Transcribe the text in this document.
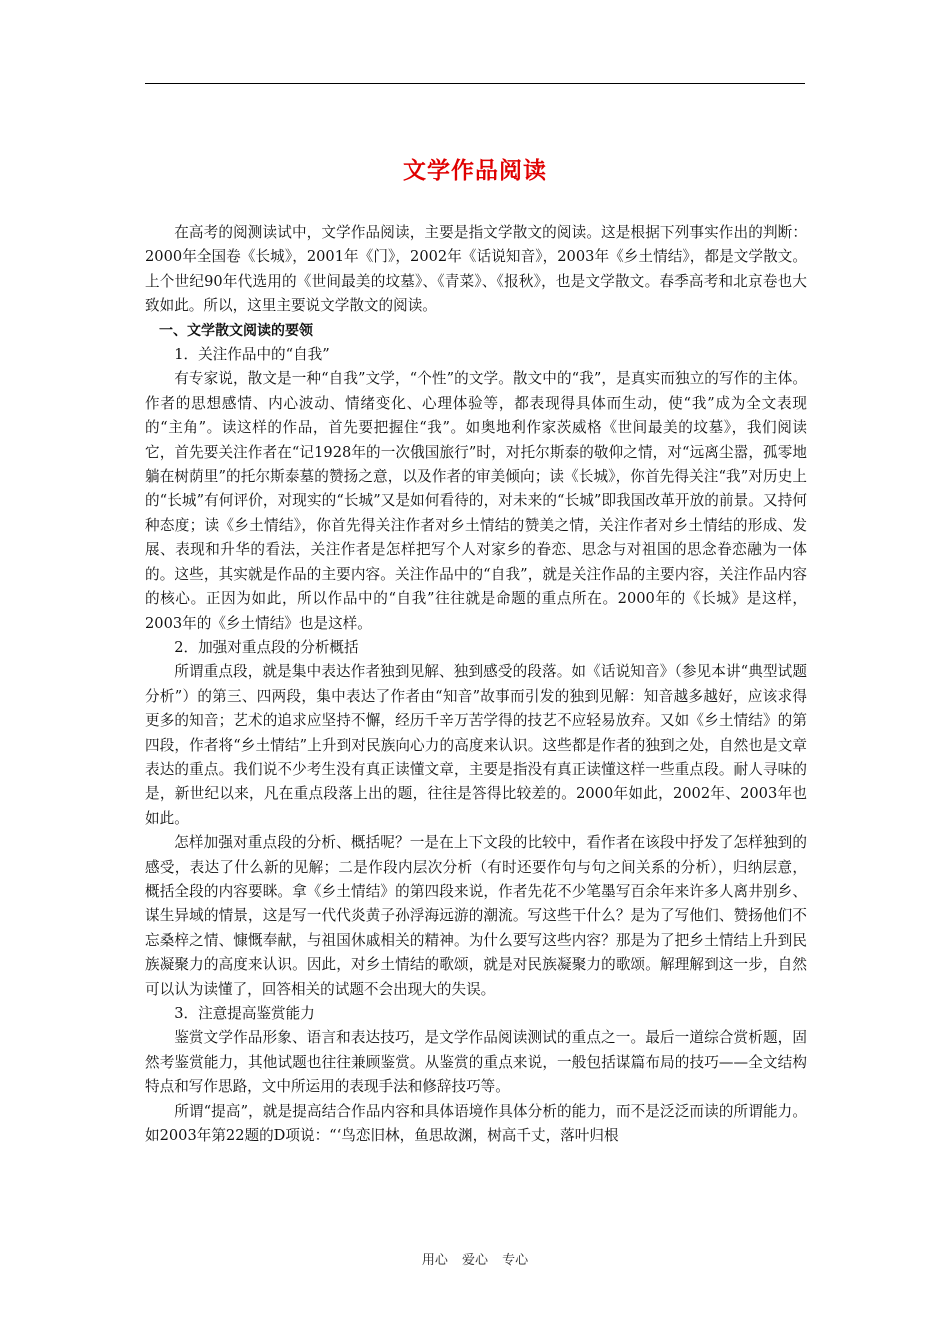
文学作品阅读

在高考的阅测读试中，文学作品阅读，主要是指文学散文的阅读。这是根据下列事实作出的判断：2000年全国卷《长城》，2001年《门》，2002年《话说知音》，2003年《乡土情结》，都是文学散文。上个世纪90年代选用的《世间最美的坟墓》、《青菜》、《报秋》，也是文学散文。春季高考和北京卷也大致如此。所以，这里主要说文学散文的阅读。

一、文学散文阅读的要领

1．关注作品中的“自我”

有专家说，散文是一种“自我”文学，“个性”的文学。散文中的“我”，是真实而独立的写作的主体。作者的思想感情、内心波动、情绪变化、心理体验等，都表现得具体而生动，使“我”成为全文表现的“主角”。读这样的作品，首先要把握住“我”。如奥地利作家茨威格《世间最美的坟墓》，我们阅读它，首先要关注作者在“记1928年的一次俄国旅行”时，对托尔斯泰的敬仰之情，对“远离尘嚣，孤零地躺在树荫里”的托尔斯泰墓的赞扬之意，以及作者的审美倾向；读《长城》，你首先得关注“我”对历史上的“长城”有何评价，对现实的“长城”又是如何看待的，对未来的“长城”即我国改革开放的前景。又持何种态度；读《乡土情结》，你首先得关注作者对乡土情结的赞美之情，关注作者对乡土情结的形成、发展、表现和升华的看法，关注作者是怎样把写个人对家乡的眷恋、思念与对祖国的思念眷恋融为一体的。这些，其实就是作品的主要内容。关注作品中的“自我”，就是关注作品的主要内容，关注作品内容的核心。正因为如此，所以作品中的“自我”往往就是命题的重点所在。2000年的《长城》是这样，2003年的《乡土情结》也是这样。

2．加强对重点段的分析概括

所谓重点段，就是集中表达作者独到见解、独到感受的段落。如《话说知音》（参见本讲“典型试题分析”）的第三、四两段，集中表达了作者由“知音”故事而引发的独到见解：知音越多越好，应该求得更多的知音；艺术的追求应坚持不懈，经历千辛万苦学得的技艺不应轻易放弃。又如《乡土情结》的第四段，作者将“乡土情结”上升到对民族向心力的高度来认识。这些都是作者的独到之处，自然也是文章表达的重点。我们说不少考生没有真正读懂文章，主要是指没有真正读懂这样一些重点段。耐人寻味的是，新世纪以来，凡在重点段落上出的题，往往是答得比较差的。2000年如此，2002年、2003年也如此。

怎样加强对重点段的分析、概括呢？一是在上下文段的比较中，看作者在该段中抒发了怎样独到的感受，表达了什么新的见解；二是作段内层次分析（有时还要作句与句之间关系的分析），归纳层意，概括全段的内容要眯。拿《乡土情结》的第四段来说，作者先花不少笔墨写百余年来许多人离井别乡、谋生异域的情景，这是写一代代炎黄子孙浮海远游的潮流。写这些干什么？是为了写他们、赞扬他们不忘桑梓之情、慷慨奉献，与祖国休戚相关的精神。为什么要写这些内容？那是为了把乡土情结上升到民族凝聚力的高度来认识。因此，对乡土情结的歌颂，就是对民族凝聚力的歌颂。解理解到这一步，自然可以认为读懂了，回答相关的试题不会出现大的失误。

3．注意提高鉴赏能力

鉴赏文学作品形象、语言和表达技巧，是文学作品阅读测试的重点之一。最后一道综合赏析题，固然考鉴赏能力，其他试题也往往兼顾鉴赏。从鉴赏的重点来说，一般包括谋篇布局的技巧——全文结构特点和写作思路，文中所运用的表现手法和修辞技巧等。

所谓“提高”，就是提高结合作品内容和具体语境作具体分析的能力，而不是泛泛而读的所谓能力。如2003年第22题的D项说：“‘鸟恋旧林，鱼思故渊，树高千丈，落叶归根

用心 爱心 专心
